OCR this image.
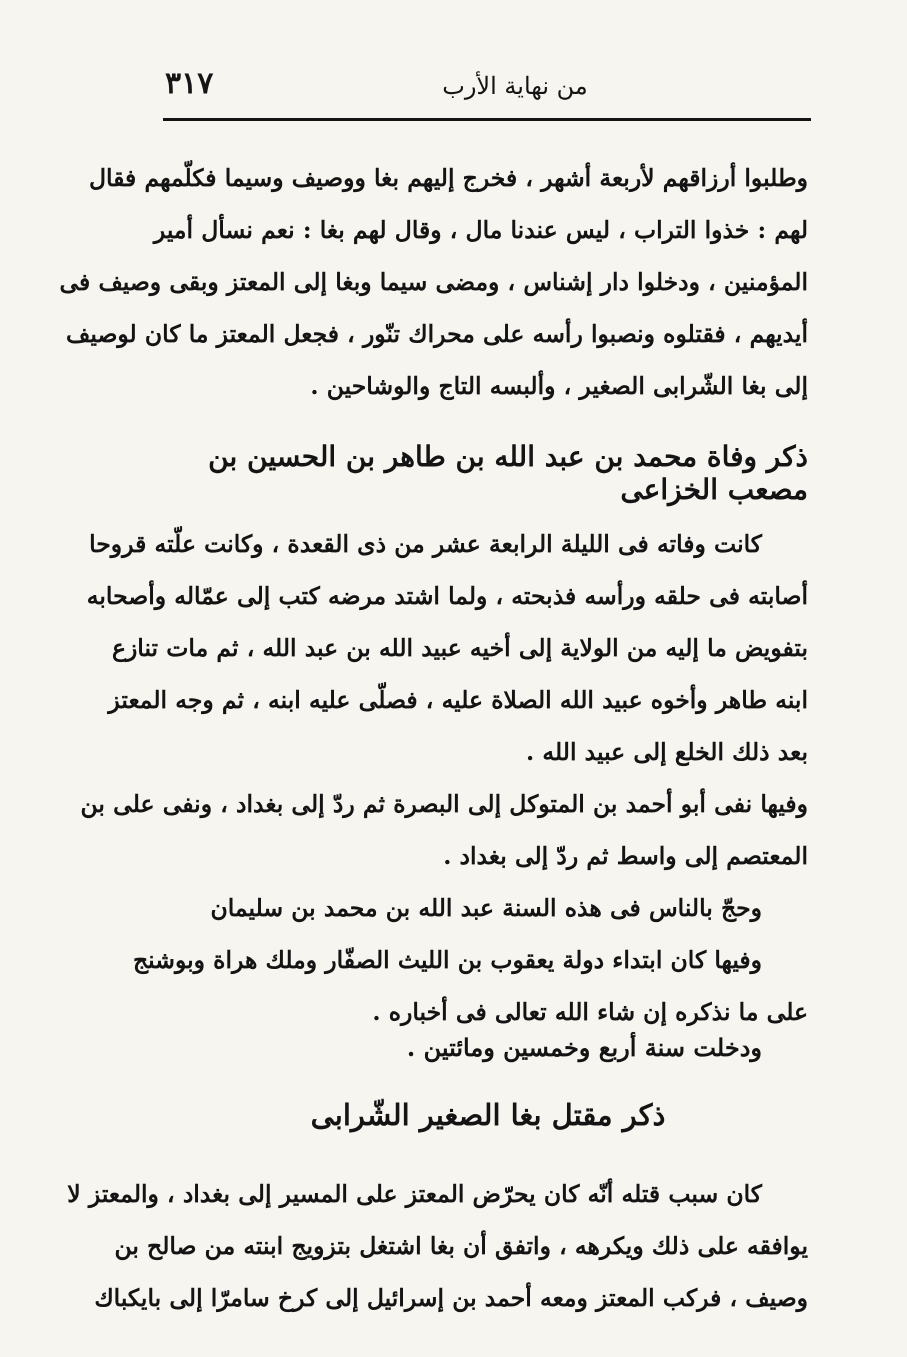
٣١٧	من نهاية الأرب
وطلبوا أرزاقهم لأربعة أشهر ، فخرج إليهم بغا ووصيف وسيما فكلّمهم فقال
لهم : خذوا التراب ، ليس عندنا مال ، وقال لهم بغا : نعم نسأل أمير
المؤمنين ، ودخلوا دار إشناس ، ومضى سيما وبغا إلى المعتز وبقى وصيف فى
أيديهم ، فقتلوه ونصبوا رأسه على محراك تنّور ، فجعل المعتز ما كان لوصيف
إلى بغا الشّرابى الصغير ، وألبسه التاج والوشاحين .
ذكر وفاة محمد بن عبد الله بن طاهر بن الحسين بن مصعب الخزاعى
كانت وفاته فى الليلة الرابعة عشر من ذى القعدة ، وكانت علّته قروحا
أصابته فى حلقه ورأسه فذبحته ، ولما اشتد مرضه كتب إلى عمّاله وأصحابه
بتفويض ما إليه من الولاية إلى أخيه عبيد الله بن عبد الله ، ثم مات تنازع
ابنه طاهر وأخوه عبيد الله الصلاة عليه ، فصلّى عليه ابنه ، ثم وجه المعتز
بعد ذلك الخلع إلى عبيد الله .
وفيها نفى أبو أحمد بن المتوكل إلى البصرة ثم ردّ إلى بغداد ، ونفى على بن
المعتصم إلى واسط ثم ردّ إلى بغداد .
وحجّ بالناس فى هذه السنة عبد الله بن محمد بن سليمان
وفيها كان ابتداء دولة يعقوب بن الليث الصفّار وملك هراة وبوشنج
على ما نذكره إن شاء الله تعالى فى أخباره .
ودخلت سنة أربع وخمسين ومائتين .
ذكر مقتل بغا الصغير الشّرابى
كان سبب قتله أنّه كان يحرّض المعتز على المسير إلى بغداد ، والمعتز لا
يوافقه على ذلك ويكرهه ، واتفق أن بغا اشتغل بتزويج ابنته من صالح بن
وصيف ، فركب المعتز ومعه أحمد بن إسرائيل إلى كرخ سامرّا إلى بايكباك
